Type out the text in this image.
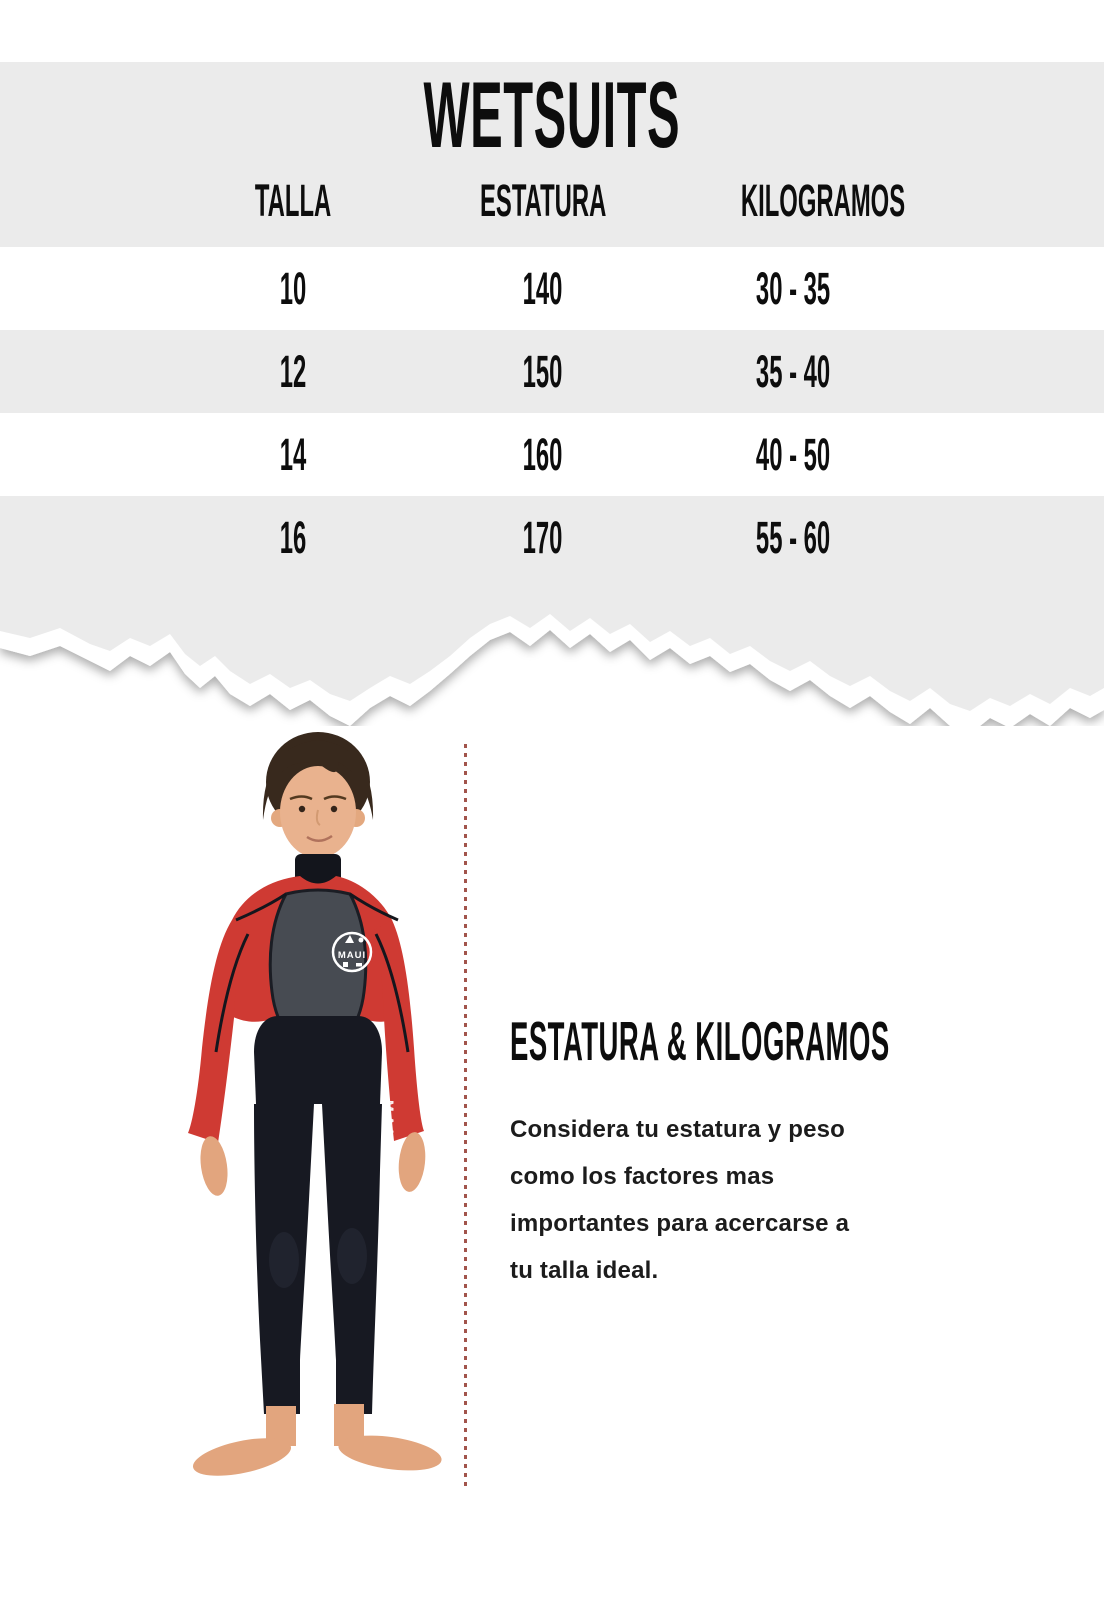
WETSUITS
TALLA	ESTATURA	KILOGRAMOS
10	140	30 - 35
12	150	35 - 40
14	160	40 - 50
16	170	55 - 60
MAUI
MAUI
ESTATURA & KILOGRAMOS
Considera tu estatura y peso
como los factores mas
importantes para acercarse a
tu talla ideal.
